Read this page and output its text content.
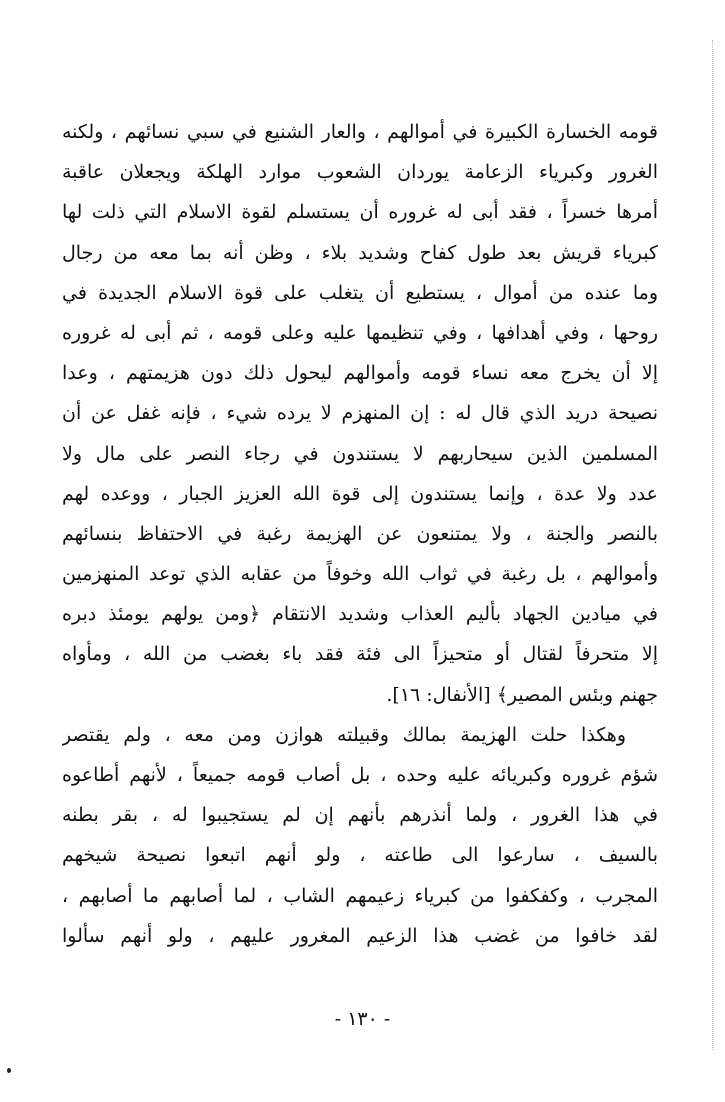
قومه الخسارة الكبيرة في أموالهم ، والعار الشنيع في سبي نسائهم ، ولكنه
الغرور وكبرياء الزعامة يوردان الشعوب موارد الهلكة ويجعلان عاقبة
أمرها خسراً ، فقد أبى له غروره أن يستسلم لقوة الاسلام التي ذلت لها
كبرياء قريش بعد طول كفاح وشديد بلاء ، وظن أنه بما معه من رجال
وما عنده من أموال ، يستطيع أن يتغلب على قوة الاسلام الجديدة في
روحها ، وفي أهدافها ، وفي تنظيمها عليه وعلى قومه ، ثم أبى له غروره
إلا أن يخرج معه نساء قومه وأموالهم ليحول ذلك دون هزيمتهم ، وعدا
نصيحة دريد الذي قال له : إن المنهزم لا يرده شيء ، فإنه غفل عن أن
المسلمين الذين سيحاربهم لا يستندون في رجاء النصر على مال ولا
عدد ولا عدة ، وإنما يستندون إلى قوة الله العزيز الجبار ، ووعده لهم
بالنصر والجنة ، ولا يمتنعون عن الهزيمة رغبة في الاحتفاظ بنسائهم
وأموالهم ، بل رغبة في ثواب الله وخوفاً من عقابه الذي توعد المنهزمين
في ميادين الجهاد بأليم العذاب وشديد الانتقام ﴿ومن يولهم يومئذ دبره
إلا متحرفاً لقتال أو متحيزاً الى فئة فقد باء بغضب من الله ، ومأواه
جهنم وبئس المصير﴾ [الأنفال: ١٦].
وهكذا حلت الهزيمة بمالك وقبيلته هوازن ومن معه ، ولم يقتصر
شؤم غروره وكبريائه عليه وحده ، بل أصاب قومه جميعاً ، لأنهم أطاعوه
في هذا الغرور ، ولما أنذرهم بأنهم إن لم يستجيبوا له ، بقر بطنه
بالسيف ، سارعوا الى طاعته ، ولو أنهم اتبعوا نصيحة شيخهم
المجرب ، وكفكفوا من كبرياء زعيمهم الشاب ، لما أصابهم ما أصابهم ،
لقد خافوا من غضب هذا الزعيم المغرور عليهم ، ولو أنهم سألوا
- ١٣٠ -
